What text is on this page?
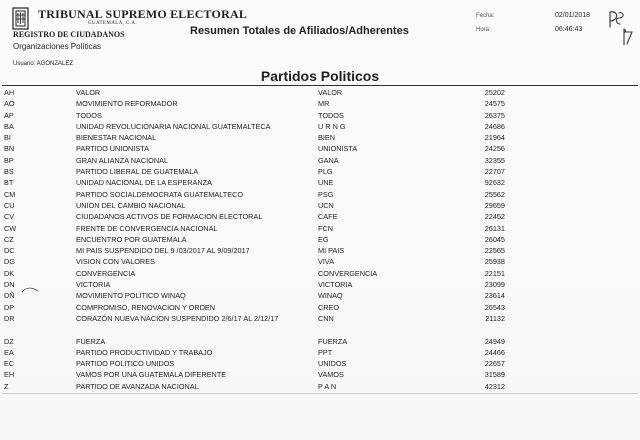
TRIBUNAL SUPREMO ELECTORAL
GUATEMALA, C.A.
REGISTRO DE CIUDADANOS
Organizaciones Políticas
Usuario: AGONZALEZ
Resumen Totales de Afiliados/Adherentes
Fecha:	02/01/2018
Hora:	06:46:43
Partidos Politicos
AH	VALOR	VALOR	25202
AO	MOVIMIENTO REFORMADOR	MR	24575
AP	TODOS	TODOS	26375
BA	UNIDAD REVOLUCIONARIA NACIONAL GUATEMALTECA	U R N G	24686
BI	BIENESTAR NACIONAL	BIEN	21964
BN	PARTIDO UNIONISTA	UNIONISTA	24256
BP	GRAN ALIANZA NACIONAL	GANA	32355
BS	PARTIDO LIBERAL DE GUATEMALA	PLG	22707
BT	UNIDAD NACIONAL DE LA ESPERANZA	UNE	92632
CM	PARTIDO SOCIALDEMOCRATA GUATEMALTECO	PSG	25562
CU	UNION DEL CAMBIO NACIONAL	UCN	29659
CV	CIUDADANOS ACTIVOS DE FORMACION ELECTORAL	CAFE	22452
CW	FRENTE DE CONVERGENCIA NACIONAL	FCN	26131
CZ	ENCUENTRO POR GUATEMALA	EG	26045
DC	MI PAIS SUSPENDIDO DEL 9 /03/2017 AL 9/09/2017	MI PAIS	22565
DG	VISION CON VALORES	VIVA	25938
DK	CONVERGENCIA	CONVERGENCIA	22151
DN	VICTORIA	VICTORIA	23099
DÑ	MOVIMIENTO POLITICO WINAQ	WINAQ	23614
DP	COMPROMISO, RENOVACION Y ORDEN	CREO	26543
DR	CORAZÓN NUEVA NACION SUSPENDIDO 2/6/17 AL 2/12/17	CNN	21132
DZ	FUERZA	FUERZA	24949
EA	PARTIDO PRODUCTIVIDAD Y TRABAJO	PPT	24466
EC	PARTIDO POLITICO UNIDOS	UNIDOS	22657
EH	VAMOS POR UNA GUATEMALA DIFERENTE	VAMOS	31589
Z	PARTIDO DE AVANZADA NACIONAL	P A N	42312
